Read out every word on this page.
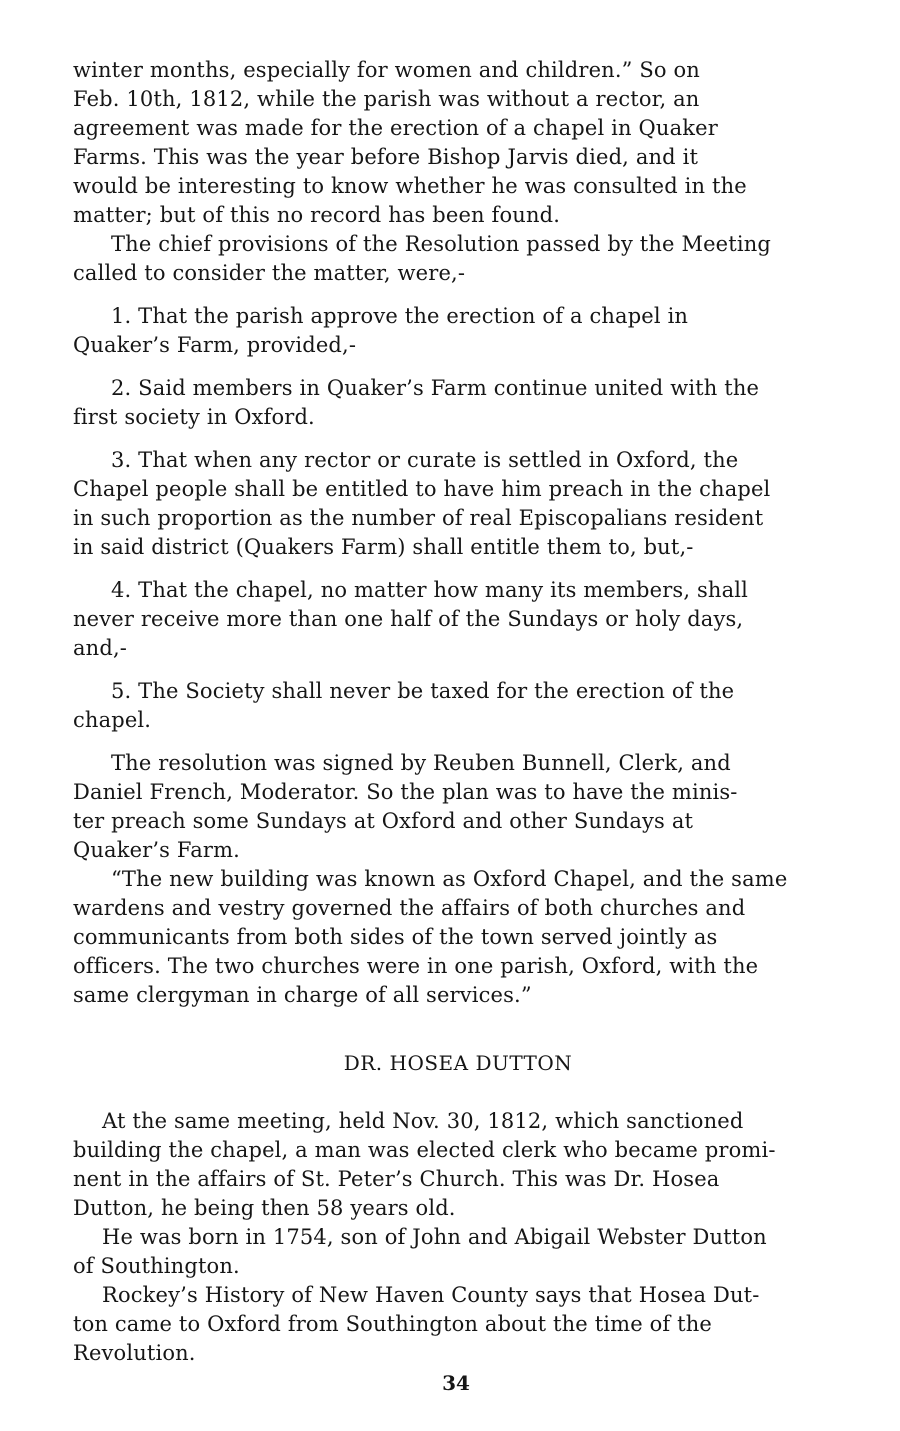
winter months, especially for women and children.” So on
Feb. 10th, 1812, while the parish was without a rector, an
agreement was made for the erection of a chapel in Quaker
Farms. This was the year before Bishop Jarvis died, and it
would be interesting to know whether he was consulted in the
matter; but of this no record has been found.
The chief provisions of the Resolution passed by the Meeting
called to consider the matter, were,-
1. That the parish approve the erection of a chapel in
Quaker’s Farm, provided,-
2. Said members in Quaker’s Farm continue united with the
first society in Oxford.
3. That when any rector or curate is settled in Oxford, the
Chapel people shall be entitled to have him preach in the chapel
in such proportion as the number of real Episcopalians resident
in said district (Quakers Farm) shall entitle them to, but,-
4. That the chapel, no matter how many its members, shall
never receive more than one half of the Sundays or holy days,
and,-
5. The Society shall never be taxed for the erection of the
chapel.
The resolution was signed by Reuben Bunnell, Clerk, and
Daniel French, Moderator. So the plan was to have the minis-
ter preach some Sundays at Oxford and other Sundays at
Quaker’s Farm.
“The new building was known as Oxford Chapel, and the same
wardens and vestry governed the affairs of both churches and
communicants from both sides of the town served jointly as
officers. The two churches were in one parish, Oxford, with the
same clergyman in charge of all services.”
DR. HOSEA DUTTON
At the same meeting, held Nov. 30, 1812, which sanctioned
building the chapel, a man was elected clerk who became promi-
nent in the affairs of St. Peter’s Church. This was Dr. Hosea
Dutton, he being then 58 years old.
He was born in 1754, son of John and Abigail Webster Dutton
of Southington.
Rockey’s History of New Haven County says that Hosea Dut-
ton came to Oxford from Southington about the time of the
Revolution.
34
